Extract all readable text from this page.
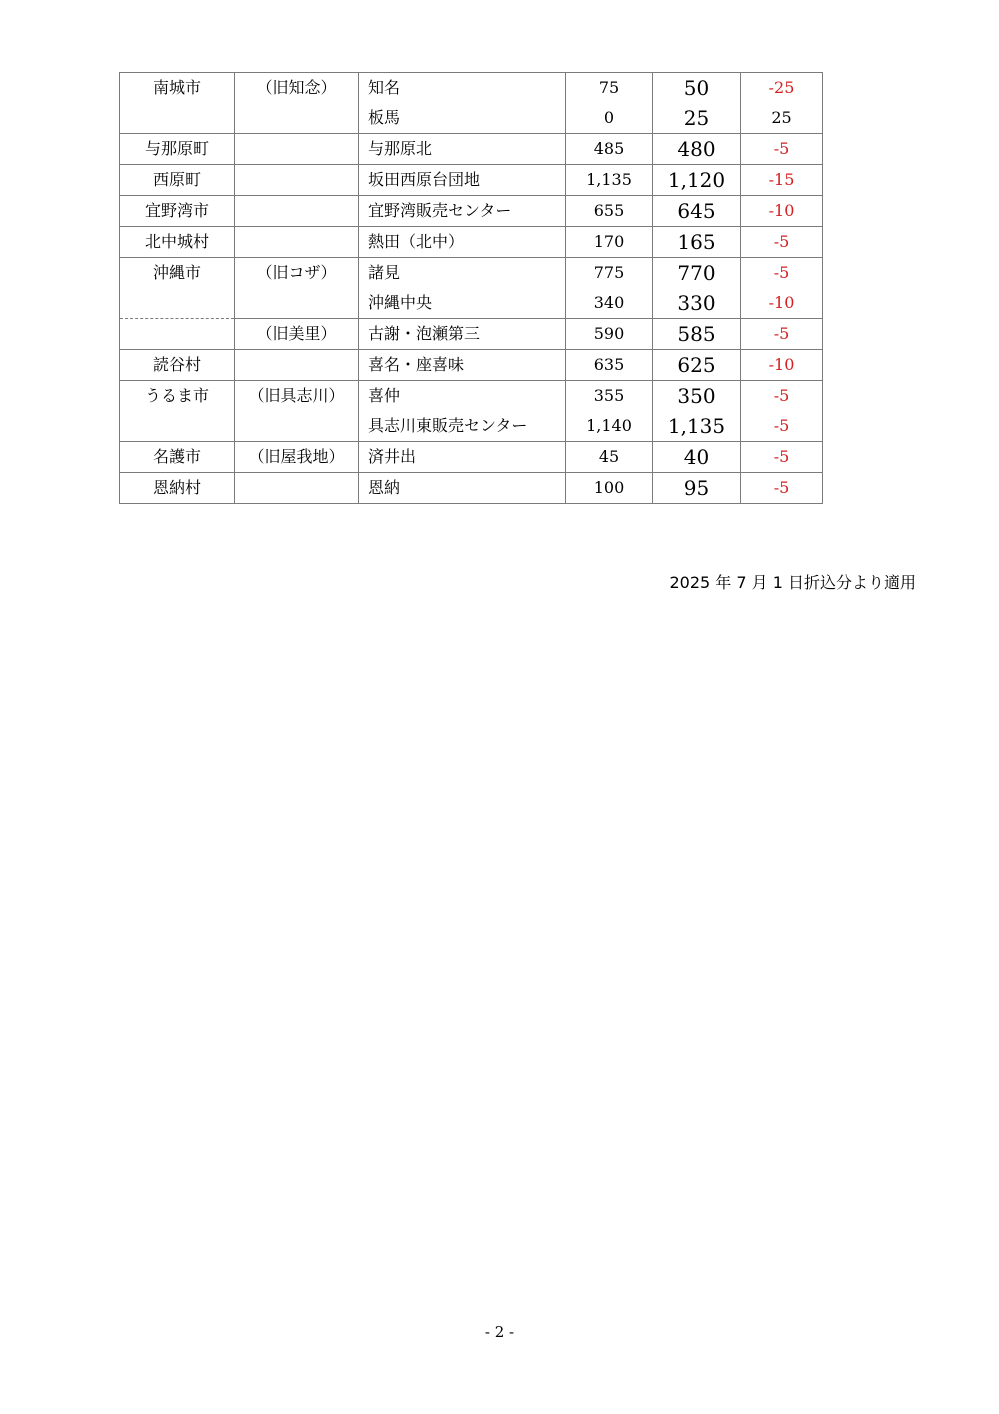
南城市	（旧知念）	知名	75	50	-25
		板馬	0	25	25
与那原町		与那原北	485	480	-5
西原町		坂田西原台団地	1,135	1,120	-15
宜野湾市		宜野湾販売センター	655	645	-10
北中城村		熱田（北中）	170	165	-5
沖縄市	（旧コザ）	諸見	775	770	-5
		沖縄中央	340	330	-10
	（旧美里）	古謝・泡瀬第三	590	585	-5
読谷村		喜名・座喜味	635	625	-10
うるま市	（旧具志川）	喜仲	355	350	-5
		具志川東販売センター	1,140	1,135	-5
名護市	（旧屋我地）	済井出	45	40	-5
恩納村		恩納	100	95	-5
2025 年 7 月 1 日折込分より適用
- 2 -
